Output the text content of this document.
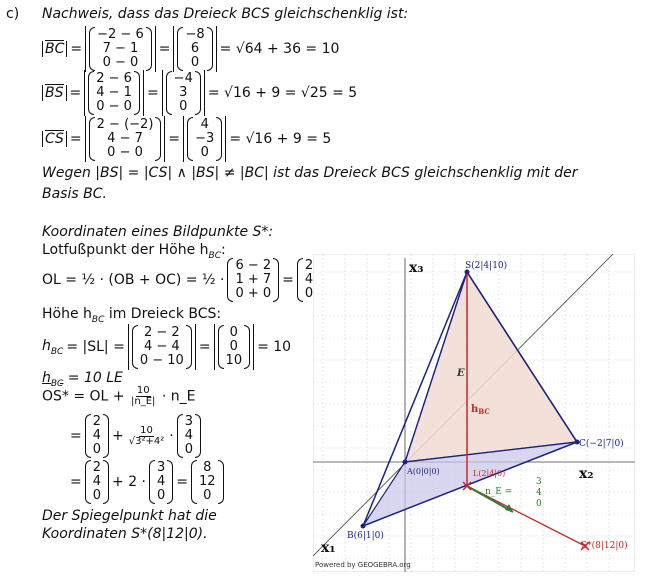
c) Nachweis, dass das Dreieck BCS gleichschenklig ist:
BC =
−2 − 6
7 − 1
0 − 0
=
−8
6
0
= √64 + 36 = 10
BS =
2 − 6
4 − 1
0 − 0
=
−4
3
0
= √16 + 9 = √25 = 5
CS =
2 − (−2)
4 − 7
0 − 0
=
4
−3
0
= √16 + 9 = 5
Wegen |BS| = |CS| ∧ |BS| ≠ |BC| ist das Dreieck BCS gleichschenklig mit der
Basis BC.
Koordinaten eines Bildpunkte S*:
Lotfußpunkt der Höhe $h_{BC}$:
OL = ½ · (OB + OC) = ½ ·
6 − 2
1 + 7
0 + 0
=
2
4
0
Höhe $h_{BC}$ im Dreieck BCS:
$h_{BC} = |SL|$ =
2 − 2
4 − 4
0 − 10
=
0
0
10
= 10
$h_{BC} = 10$ LE
OS* = OL + $\frac{10}{|n\_E|}$ · n_E
=
2
4
0
+ $\frac{10}{\text{√3²+4²}}$ ·
3
4
0
=
2
4
0
+ 2 ·
3
4
0
=
8
12
0
Der Spiegelpunkt hat die
Koordinaten S*(8|12|0).
S(2|4|10)
C(−2|7|0)
A(0|0|0)	L(2|4|0)
B(6|1|0)
S*(8|12|0)
E
$h_{BC}$
n_E =
3
4
0
x₃
x₂
x₁
Powered by GEOGEBRA.org
